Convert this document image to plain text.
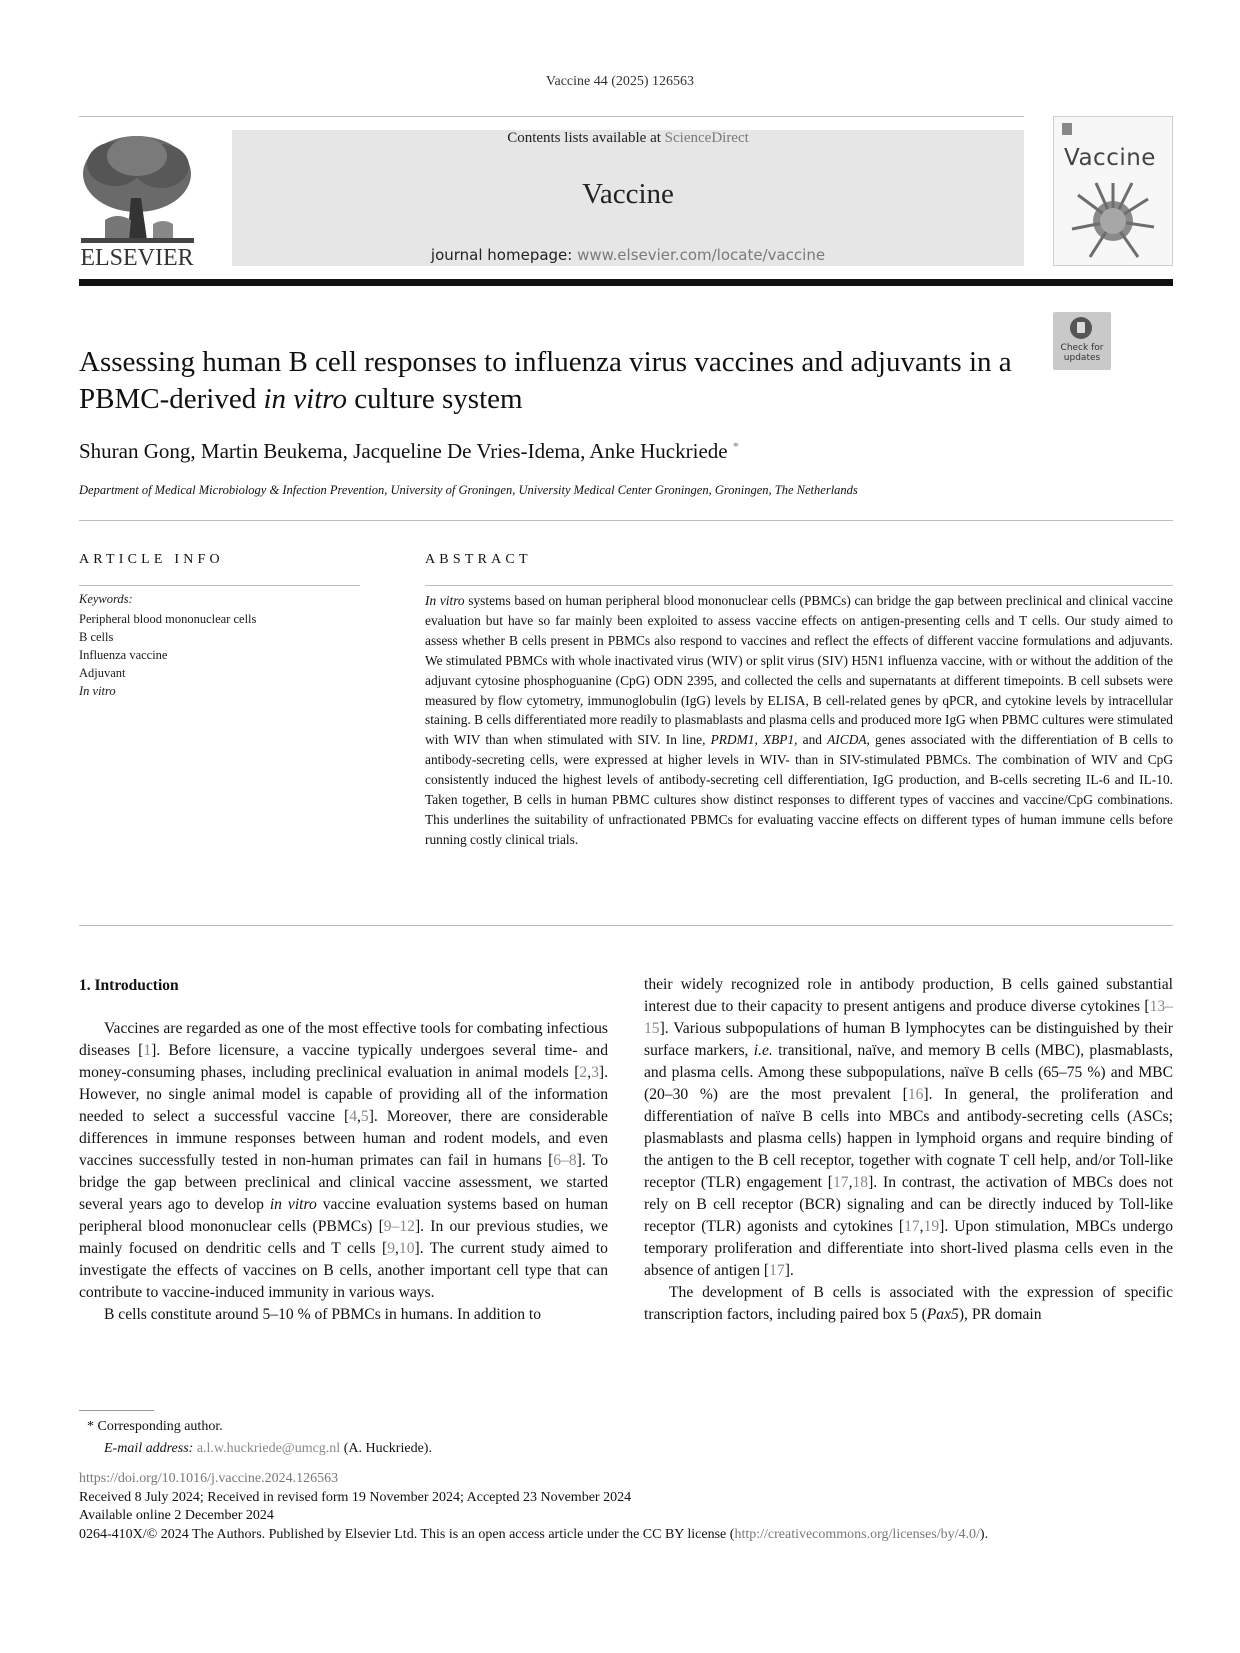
Vaccine 44 (2025) 126563
ELSEVIER
Contents lists available at ScienceDirect
Vaccine
journal homepage: www.elsevier.com/locate/vaccine
Vaccine
Assessing human B cell responses to influenza virus vaccines and adjuvants in a PBMC-derived in vitro culture system
Check for
updates
Shuran Gong, Martin Beukema, Jacqueline De Vries-Idema, Anke Huckriede *
Department of Medical Microbiology & Infection Prevention, University of Groningen, University Medical Center Groningen, Groningen, The Netherlands
ARTICLE INFO
Keywords:
Peripheral blood mononuclear cells
B cells
Influenza vaccine
Adjuvant
In vitro
ABSTRACT
In vitro systems based on human peripheral blood mononuclear cells (PBMCs) can bridge the gap between preclinical and clinical vaccine evaluation but have so far mainly been exploited to assess vaccine effects on antigen-presenting cells and T cells. Our study aimed to assess whether B cells present in PBMCs also respond to vaccines and reflect the effects of different vaccine formulations and adjuvants. We stimulated PBMCs with whole inactivated virus (WIV) or split virus (SIV) H5N1 influenza vaccine, with or without the addition of the adjuvant cytosine phosphoguanine (CpG) ODN 2395, and collected the cells and supernatants at different timepoints. B cell subsets were measured by flow cytometry, immunoglobulin (IgG) levels by ELISA, B cell-related genes by qPCR, and cytokine levels by intracellular staining. B cells differentiated more readily to plasmablasts and plasma cells and produced more IgG when PBMC cultures were stimulated with WIV than when stimulated with SIV. In line, PRDM1, XBP1, and AICDA, genes associated with the differentiation of B cells to antibody-secreting cells, were expressed at higher levels in WIV- than in SIV-stimulated PBMCs. The combination of WIV and CpG consistently induced the highest levels of antibody-secreting cell differentiation, IgG production, and B-cells secreting IL-6 and IL-10. Taken together, B cells in human PBMC cultures show distinct responses to different types of vaccines and vaccine/CpG combinations. This underlines the suitability of unfractionated PBMCs for evaluating vaccine effects on different types of human immune cells before running costly clinical trials.
1. Introduction

Vaccines are regarded as one of the most effective tools for combating infectious diseases [1]. Before licensure, a vaccine typically undergoes several time- and money-consuming phases, including preclinical evaluation in animal models [2,3]. However, no single animal model is capable of providing all of the information needed to select a successful vaccine [4,5]. Moreover, there are considerable differences in immune responses between human and rodent models, and even vaccines successfully tested in non-human primates can fail in humans [6–8]. To bridge the gap between preclinical and clinical vaccine assessment, we started several years ago to develop in vitro vaccine evaluation systems based on human peripheral blood mononuclear cells (PBMCs) [9–12]. In our previous studies, we mainly focused on dendritic cells and T cells [9,10]. The current study aimed to investigate the effects of vaccines on B cells, another important cell type that can contribute to vaccine-induced immunity in various ways.

B cells constitute around 5–10 % of PBMCs in humans. In addition to

their widely recognized role in antibody production, B cells gained substantial interest due to their capacity to present antigens and produce diverse cytokines [13–15]. Various subpopulations of human B lymphocytes can be distinguished by their surface markers, i.e. transitional, naïve, and memory B cells (MBC), plasmablasts, and plasma cells. Among these subpopulations, naïve B cells (65–75 %) and MBC (20–30 %) are the most prevalent [16]. In general, the proliferation and differentiation of naïve B cells into MBCs and antibody-secreting cells (ASCs; plasmablasts and plasma cells) happen in lymphoid organs and require binding of the antigen to the B cell receptor, together with cognate T cell help, and/or Toll-like receptor (TLR) engagement [17,18]. In contrast, the activation of MBCs does not rely on B cell receptor (BCR) signaling and can be directly induced by Toll-like receptor (TLR) agonists and cytokines [17,19]. Upon stimulation, MBCs undergo temporary proliferation and differentiate into short-lived plasma cells even in the absence of antigen [17].

The development of B cells is associated with the expression of specific transcription factors, including paired box 5 (Pax5), PR domain

* Corresponding author.
E-mail address: a.l.w.huckriede@umcg.nl (A. Huckriede).
https://doi.org/10.1016/j.vaccine.2024.126563
Received 8 July 2024; Received in revised form 19 November 2024; Accepted 23 November 2024
Available online 2 December 2024
0264-410X/© 2024 The Authors. Published by Elsevier Ltd. This is an open access article under the CC BY license (http://creativecommons.org/licenses/by/4.0/).
